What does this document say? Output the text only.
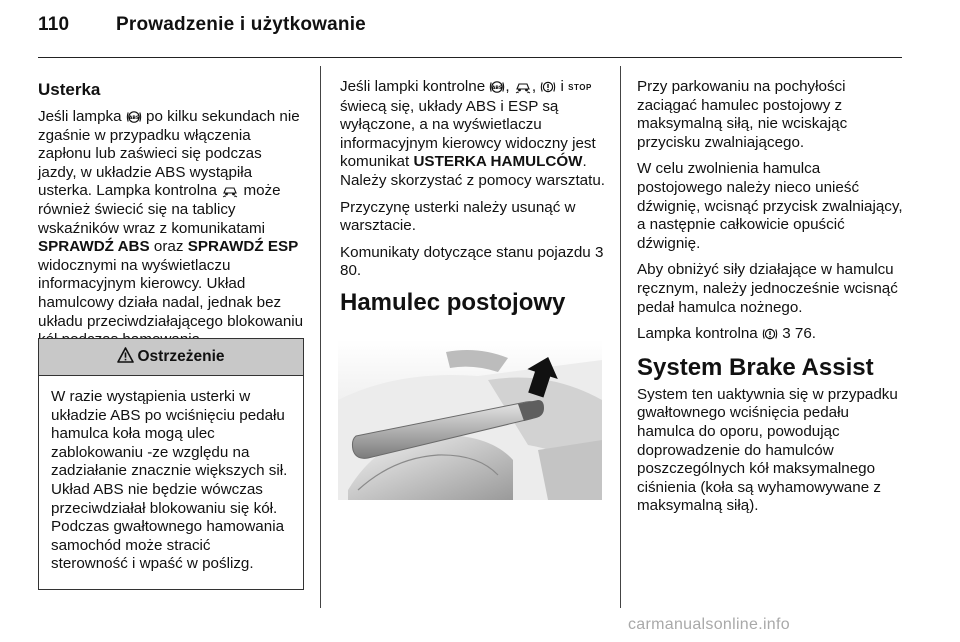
110 Prowadzenie i użytkowanie

Usterka

Jeśli lampka ABS po kilku sekundach nie zgaśnie w przypadku włączenia zapłonu lub zaświeci się podczas jazdy, w układzie ABS wystąpiła usterka. Lampka kontrolna może również świecić się na tablicy wskaźników wraz z komunikatami SPRAWDŹ ABS oraz SPRAWDŹ ESP widocznymi na wyświetlaczu informacyjnym kierowcy. Układ hamulcowy działa nadal, jednak bez układu przeciwdziałającego blokowaniu

Ostrzeżenie
W razie wystąpienia usterki w układzie ABS po wciśnięciu pedału hamulca koła mogą ulec zablokowaniu -ze względu na zadziałanie znacznie większych sił. Układ ABS nie będzie wówczas przeciwdziałał blokowaniu się kół. Podczas gwałtownego hamowania samochód może stracić sterowność i wpaść w poślizg.

Jeśli lampki kontrolne ABS ,
,
i STOP świecą się, układy ABS i ESP są wyłączone, a na wyświetlaczu informacyjnym kierowcy widoczny jest komunikat USTERKA HAMULCÓW. Należy skorzystać z pomocy warsztatu.

Przyczynę usterki należy usunąć w warsztacie.

Komunikaty dotyczące stanu pojazdu 3 80.

Hamulec postojowy

Przy parkowaniu na pochyłości zaciągać hamulec postojowy z maksymalną siłą, nie wciskając przycisku zwalniającego.

W celu zwolnienia hamulca postojowego należy nieco unieść dźwignię, wcisnąć przycisk zwalniający, a następnie całkowicie opuścić dźwignię.

Aby obniżyć siły działające w hamulcu ręcznym, należy jednocześnie wcisnąć pedał hamulca nożnego.

Lampka kontrolna 3 76.

System Brake Assist

System ten uaktywnia się w przypadku gwałtownego wciśnięcia pedału hamulca do oporu, powodując doprowadzenie do hamulców poszczególnych kół maksymalnego ciśnienia (koła są wyhamowywane z maksymalną siłą).

carmanualsonline.info
